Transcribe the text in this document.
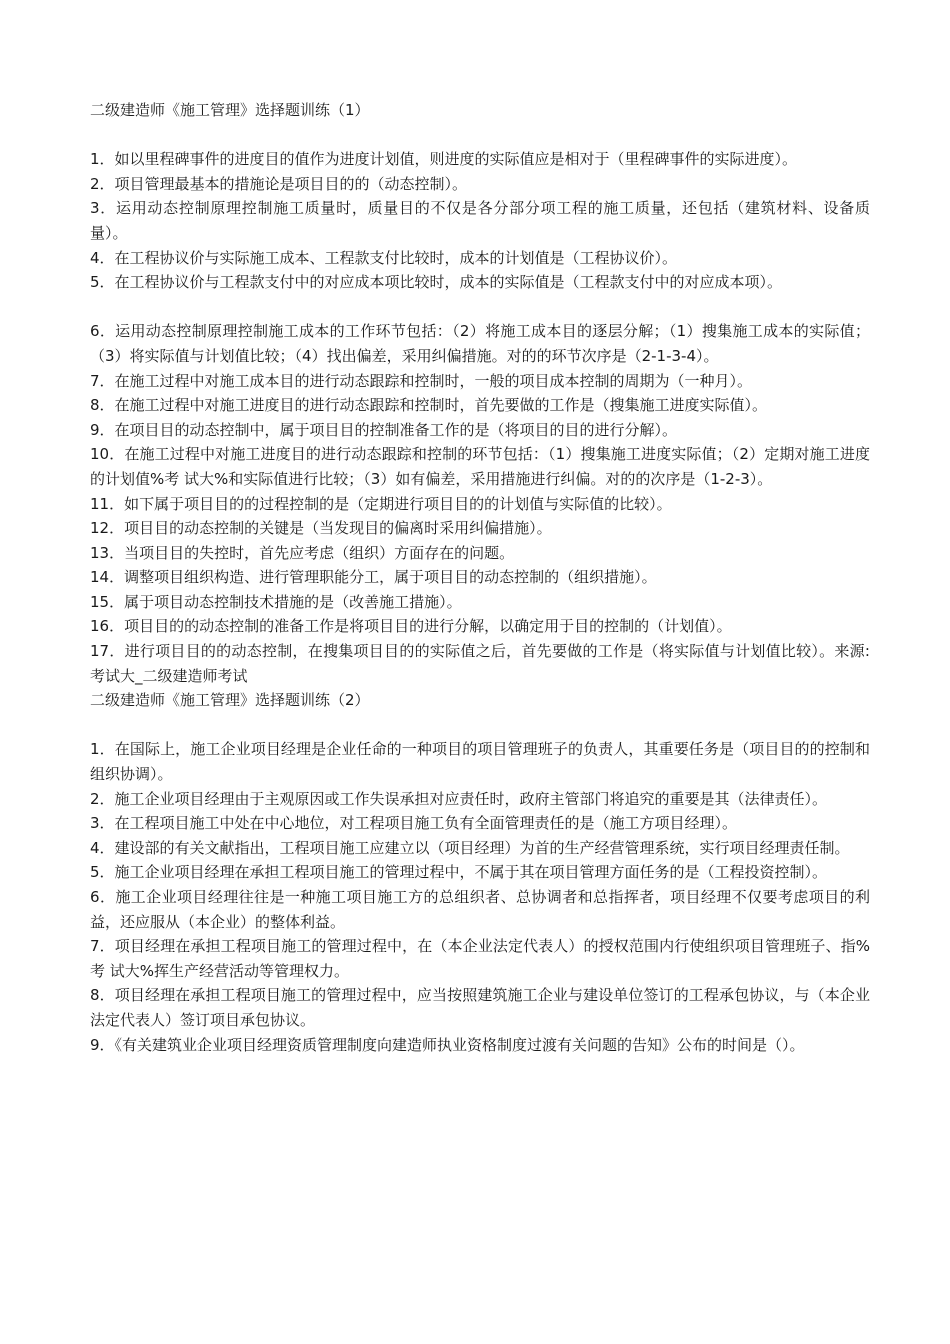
二级建造师《施工管理》选择题训练（1）

1．如以里程碑事件的进度目的值作为进度计划值，则进度的实际值应是相对于（里程碑事件的实际进度）。

2．项目管理最基本的措施论是项目目的的（动态控制）。

3．运用动态控制原理控制施工质量时，质量目的不仅是各分部分项工程的施工质量，还包括（建筑材料、设备质量）。

4．在工程协议价与实际施工成本、工程款支付比较时，成本的计划值是（工程协议价）。

5．在工程协议价与工程款支付中的对应成本项比较时，成本的实际值是（工程款支付中的对应成本项）。

6．运用动态控制原理控制施工成本的工作环节包括：（2）将施工成本目的逐层分解；（1）搜集施工成本的实际值；（3）将实际值与计划值比较；（4）找出偏差，采用纠偏措施。对的的环节次序是（2-1-3-4）。

7．在施工过程中对施工成本目的进行动态跟踪和控制时，一般的项目成本控制的周期为（一种月）。

8．在施工过程中对施工进度目的进行动态跟踪和控制时，首先要做的工作是（搜集施工进度实际值）。

9．在项目目的动态控制中，属于项目目的控制准备工作的是（将项目的目的进行分解）。

10．在施工过程中对施工进度目的进行动态跟踪和控制的环节包括：（1）搜集施工进度实际值；（2）定期对施工进度的计划值%考 试大%和实际值进行比较；（3）如有偏差，采用措施进行纠偏。对的的次序是（1-2-3）。

11．如下属于项目目的的过程控制的是（定期进行项目目的的计划值与实际值的比较）。

12．项目目的动态控制的关键是（当发现目的偏离时采用纠偏措施）。

13．当项目目的失控时，首先应考虑（组织）方面存在的问题。

14．调整项目组织构造、进行管理职能分工，属于项目目的动态控制的（组织措施）。

15．属于项目动态控制技术措施的是（改善施工措施）。

16．项目目的的动态控制的准备工作是将项目目的进行分解，以确定用于目的控制的（计划值）。

17．进行项目目的的动态控制，在搜集项目目的的实际值之后，首先要做的工作是（将实际值与计划值比较）。来源:考试大_二级建造师考试

二级建造师《施工管理》选择题训练（2）

1．在国际上，施工企业项目经理是企业任命的一种项目的项目管理班子的负责人，其重要任务是（项目目的的控制和组织协调）。

2．施工企业项目经理由于主观原因或工作失误承担对应责任时，政府主管部门将追究的重要是其（法律责任）。

3．在工程项目施工中处在中心地位，对工程项目施工负有全面管理责任的是（施工方项目经理）。

4．建设部的有关文献指出，工程项目施工应建立以（项目经理）为首的生产经营管理系统，实行项目经理责任制。

5．施工企业项目经理在承担工程项目施工的管理过程中，不属于其在项目管理方面任务的是（工程投资控制）。

6．施工企业项目经理往往是一种施工项目施工方的总组织者、总协调者和总指挥者，项目经理不仅要考虑项目的利益，还应服从（本企业）的整体利益。

7．项目经理在承担工程项目施工的管理过程中，在（本企业法定代表人）的授权范围内行使组织项目管理班子、指%考 试大%挥生产经营活动等管理权力。

8．项目经理在承担工程项目施工的管理过程中，应当按照建筑施工企业与建设单位签订的工程承包协议，与（本企业法定代表人）签订项目承包协议。

9．《有关建筑业企业项目经理资质管理制度向建造师执业资格制度过渡有关问题的告知》公布的时间是（）。
